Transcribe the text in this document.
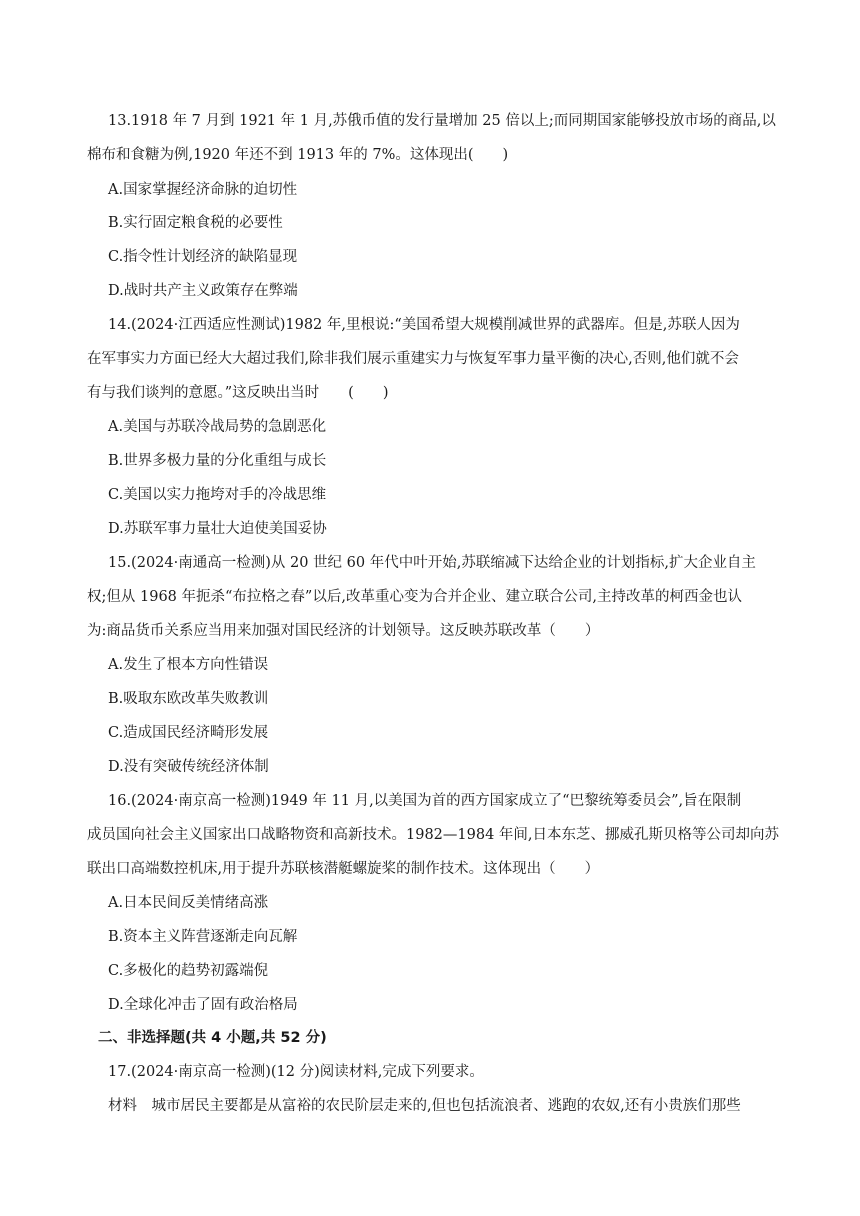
13.1918 年 7 月到 1921 年 1 月,苏俄币值的发行量增加 25 倍以上;而同期国家能够投放市场的商品,以
棉布和食糖为例,1920 年还不到 1913 年的 7%。这体现出(　　)
A.国家掌握经济命脉的迫切性
B.实行固定粮食税的必要性
C.指令性计划经济的缺陷显现
D.战时共产主义政策存在弊端
14.(2024·江西适应性测试)1982 年,里根说:“美国希望大规模削减世界的武器库。但是,苏联人因为
在军事实力方面已经大大超过我们,除非我们展示重建实力与恢复军事力量平衡的决心,否则,他们就不会
有与我们谈判的意愿。”这反映出当时　　(　　)
A.美国与苏联冷战局势的急剧恶化
B.世界多极力量的分化重组与成长
C.美国以实力拖垮对手的冷战思维
D.苏联军事力量壮大迫使美国妥协
15.(2024·南通高一检测)从 20 世纪 60 年代中叶开始,苏联缩减下达给企业的计划指标,扩大企业自主
权;但从 1968 年扼杀“布拉格之春”以后,改革重心变为合并企业、建立联合公司,主持改革的柯西金也认
为:商品货币关系应当用来加强对国民经济的计划领导。这反映苏联改革（　　）
A.发生了根本方向性错误
B.吸取东欧改革失败教训
C.造成国民经济畸形发展
D.没有突破传统经济体制
16.(2024·南京高一检测)1949 年 11 月,以美国为首的西方国家成立了“巴黎统筹委员会”,旨在限制
成员国向社会主义国家出口战略物资和高新技术。1982—1984 年间,日本东芝、挪威孔斯贝格等公司却向苏
联出口高端数控机床,用于提升苏联核潜艇螺旋桨的制作技术。这体现出（　　）
A.日本民间反美情绪高涨
B.资本主义阵营逐渐走向瓦解
C.多极化的趋势初露端倪
D.全球化冲击了固有政治格局
二、非选择题(共 4 小题,共 52 分)
17.(2024·南京高一检测)(12 分)阅读材料,完成下列要求。
材料　城市居民主要都是从富裕的农民阶层走来的,但也包括流浪者、逃跑的农奴,还有小贵族们那些
